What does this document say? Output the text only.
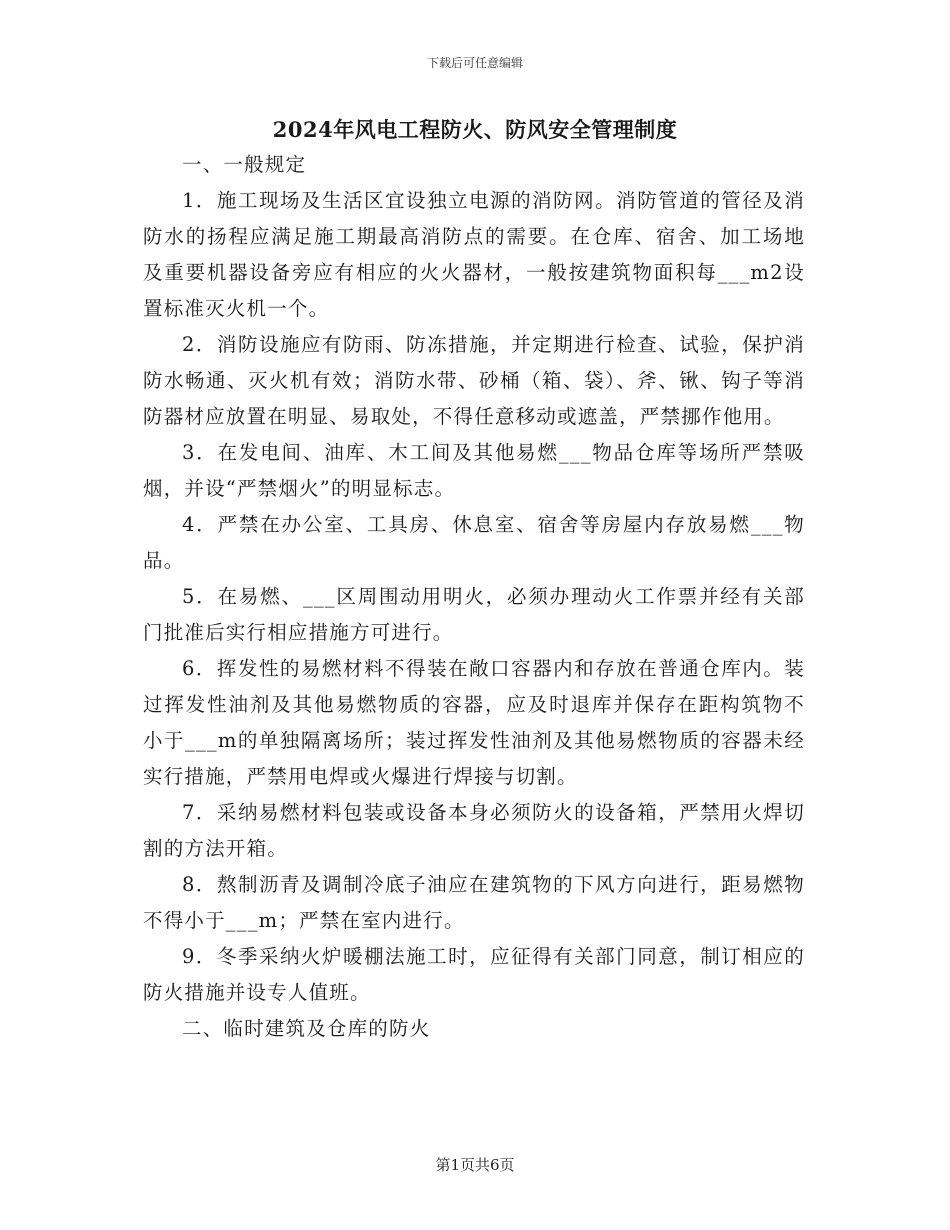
下载后可任意编辑
2024年风电工程防火、防风安全管理制度

一、一般规定

1．施工现场及生活区宜设独立电源的消防网。消防管道的管径及消防水的扬程应满足施工期最高消防点的需要。在仓库、宿舍、加工场地及重要机器设备旁应有相应的火火器材，一般按建筑物面积每___m2设置标准灭火机一个。

2．消防设施应有防雨、防冻措施，并定期进行检查、试验，保护消防水畅通、灭火机有效；消防水带、砂桶（箱、袋）、斧、锹、钩子等消防器材应放置在明显、易取处，不得任意移动或遮盖，严禁挪作他用。

3．在发电间、油库、木工间及其他易燃___物品仓库等场所严禁吸烟，并设“严禁烟火”的明显标志。

4．严禁在办公室、工具房、休息室、宿舍等房屋内存放易燃___物品。

5．在易燃、___区周围动用明火，必须办理动火工作票并经有关部门批准后实行相应措施方可进行。

6．挥发性的易燃材料不得装在敞口容器内和存放在普通仓库内。装过挥发性油剂及其他易燃物质的容器，应及时退库并保存在距构筑物不小于___m的单独隔离场所；装过挥发性油剂及其他易燃物质的容器未经实行措施，严禁用电焊或火爆进行焊接与切割。

7．采纳易燃材料包装或设备本身必须防火的设备箱，严禁用火焊切割的方法开箱。

8．熬制沥青及调制冷底子油应在建筑物的下风方向进行，距易燃物不得小于___m；严禁在室内进行。

9．冬季采纳火炉暖棚法施工时，应征得有关部门同意，制订相应的防火措施并设专人值班。

二、临时建筑及仓库的防火

第1页共6页
